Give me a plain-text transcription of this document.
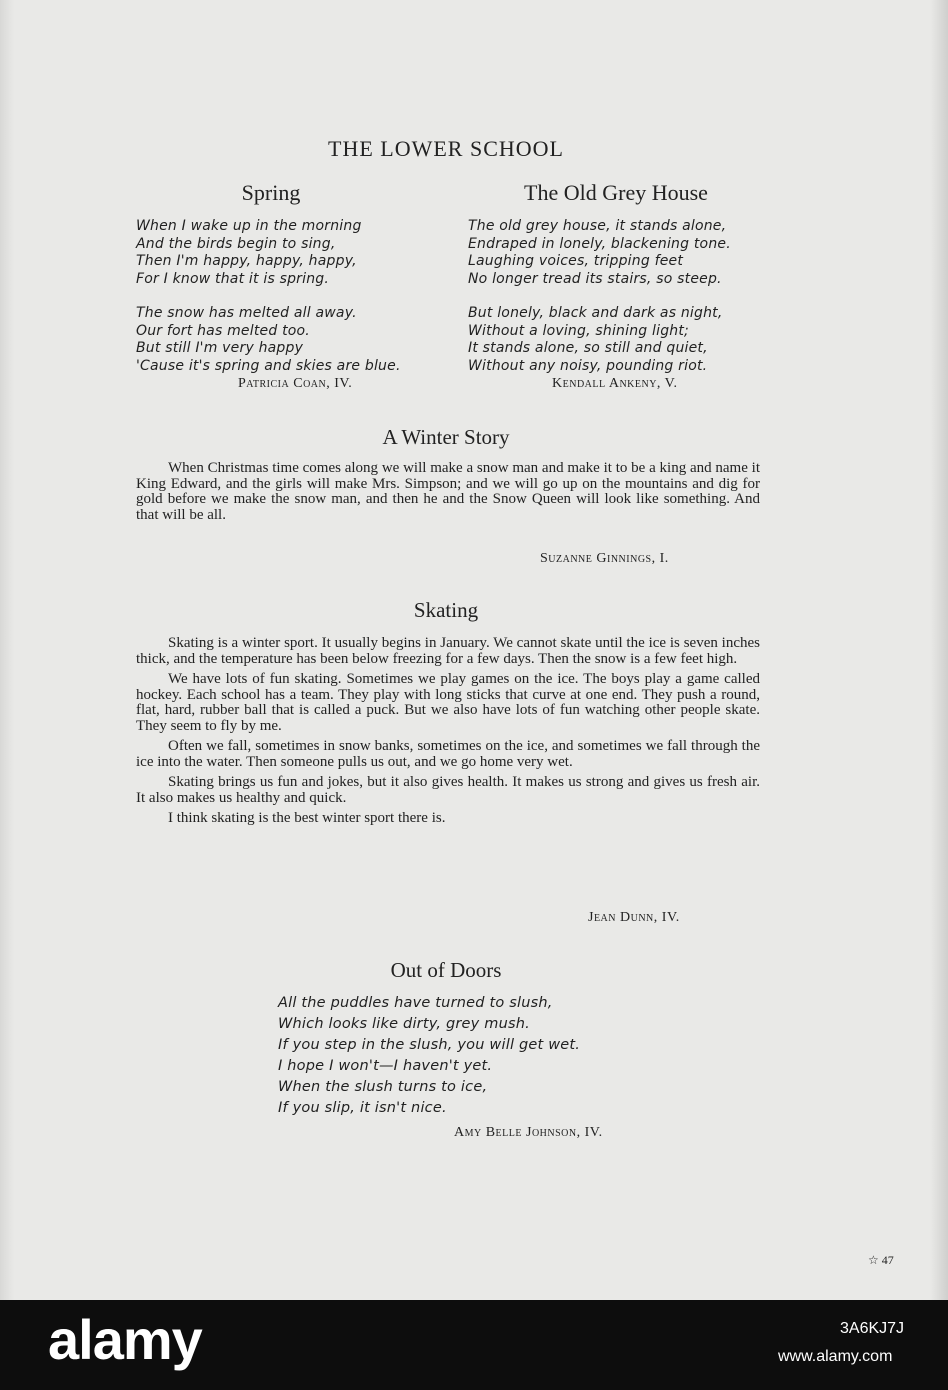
THE LOWER SCHOOL
Spring
When I wake up in the morning
And the birds begin to sing,
Then I'm happy, happy, happy,
For I know that it is spring.
The snow has melted all away.
Our fort has melted too.
But still I'm very happy
'Cause it's spring and skies are blue.
Patricia Coan, IV.
The Old Grey House
The old grey house, it stands alone,
Endraped in lonely, blackening tone.
Laughing voices, tripping feet
No longer tread its stairs, so steep.
But lonely, black and dark as night,
Without a loving, shining light;
It stands alone, so still and quiet,
Without any noisy, pounding riot.
Kendall Ankeny, V.
A Winter Story

When Christmas time comes along we will make a snow man and make it to be a king and name it King Edward, and the girls will make Mrs. Simpson; and we will go up on the mountains and dig for gold before we make the snow man, and then he and the Snow Queen will look like something. And that will be all.

Suzanne Ginnings, I.
Skating

Skating is a winter sport. It usually begins in January. We cannot skate until the ice is seven inches thick, and the temperature has been below freezing for a few days. Then the snow is a few feet high.

We have lots of fun skating. Sometimes we play games on the ice. The boys play a game called hockey. Each school has a team. They play with long sticks that curve at one end. They push a round, flat, hard, rubber ball that is called a puck. But we also have lots of fun watching other people skate. They seem to fly by me.

Often we fall, sometimes in snow banks, sometimes on the ice, and sometimes we fall through the ice into the water. Then someone pulls us out, and we go home very wet.

Skating brings us fun and jokes, but it also gives health. It makes us strong and gives us fresh air. It also makes us healthy and quick.

I think skating is the best winter sport there is.

Jean Dunn, IV.
Out of Doors
All the puddles have turned to slush,
Which looks like dirty, grey mush.
If you step in the slush, you will get wet.
I hope I won't—I haven't yet.
When the slush turns to ice,
If you slip, it isn't nice.
Amy Belle Johnson, IV.
☆ 47
alamy	3A6KJ7J
www.alamy.com
